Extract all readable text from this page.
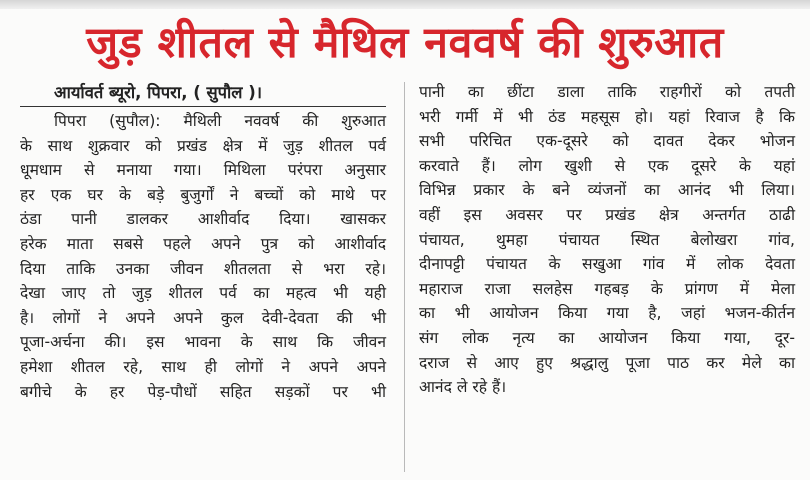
जुड़ शीतल से मैथिल नववर्ष की शुरुआत
आर्यावर्त ब्यूरो, पिपरा, ( सुपौल )।
पिपरा (सुपौल): मैथिली नववर्ष की शुरुआत
के साथ शुक्रवार को प्रखंड क्षेत्र में जुड़ शीतल पर्व
धूमधाम से मनाया गया। मिथिला परंपरा अनुसार
हर एक घर के बड़े बुजुर्गों ने बच्चों को माथे पर
ठंडा पानी डालकर आशीर्वाद दिया। खासकर
हरेक माता सबसे पहले अपने पुत्र को आशीर्वाद
दिया ताकि उनका जीवन शीतलता से भरा रहे।
देखा जाए तो जुड़ शीतल पर्व का महत्व भी यही
है। लोगों ने अपने अपने कुल देवी-देवता की भी
पूजा-अर्चना की। इस भावना के साथ कि जीवन
हमेशा शीतल रहे, साथ ही लोगों ने अपने अपने
बगीचे के हर पेड़-पौधों सहित सड़कों पर भी
पानी का छींटा डाला ताकि राहगीरों को तपती
भरी गर्मी में भी ठंड महसूस हो। यहां रिवाज है कि
सभी परिचित एक-दूसरे को दावत देकर भोजन
करवाते हैं। लोग खुशी से एक दूसरे के यहां
विभिन्न प्रकार के बने व्यंजनों का आनंद भी लिया।
वहीं इस अवसर पर प्रखंड क्षेत्र अन्तर्गत ठाढी
पंचायत, थुमहा पंचायत स्थित बेलोखरा गांव,
दीनापट्टी पंचायत के सखुआ गांव में लोक देवता
महाराज राजा सलहेस गहबड़ के प्रांगण में मेला
का भी आयोजन किया गया है, जहां भजन-कीर्तन
संग लोक नृत्य का आयोजन किया गया, दूर-
दराज से आए हुए श्रद्धालु पूजा पाठ कर मेले का
आनंद ले रहे हैं।
